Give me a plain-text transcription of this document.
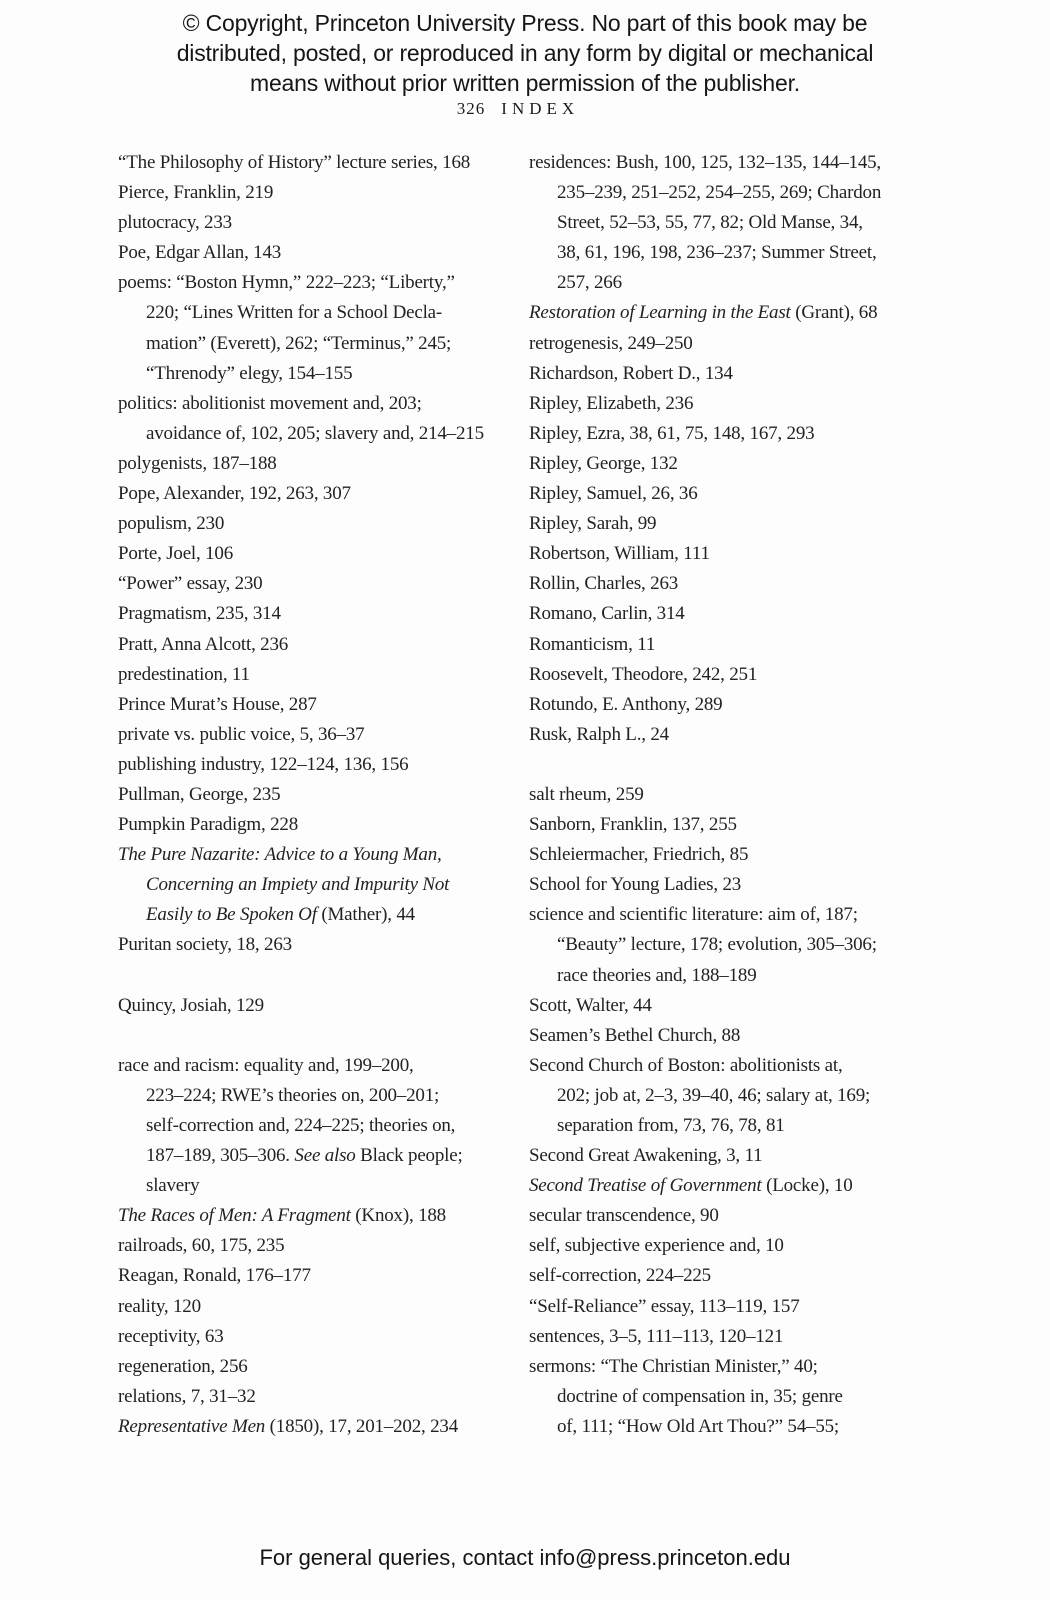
© Copyright, Princeton University Press. No part of this book may be
distributed, posted, or reproduced in any form by digital or mechanical
means without prior written permission of the publisher.
326 INDEX
“The Philosophy of History” lecture series, 168
Pierce, Franklin, 219
plutocracy, 233
Poe, Edgar Allan, 143
poems: “Boston Hymn,” 222–223; “Liberty,”
220; “Lines Written for a School Decla-
mation” (Everett), 262; “Terminus,” 245;
“Threnody” elegy, 154–155
politics: abolitionist movement and, 203;
avoidance of, 102, 205; slavery and, 214–215
polygenists, 187–188
Pope, Alexander, 192, 263, 307
populism, 230
Porte, Joel, 106
“Power” essay, 230
Pragmatism, 235, 314
Pratt, Anna Alcott, 236
predestination, 11
Prince Murat’s House, 287
private vs. public voice, 5, 36–37
publishing industry, 122–124, 136, 156
Pullman, George, 235
Pumpkin Paradigm, 228
The Pure Nazarite: Advice to a Young Man,
Concerning an Impiety and Impurity Not
Easily to Be Spoken Of (Mather), 44
Puritan society, 18, 263
Quincy, Josiah, 129
race and racism: equality and, 199–200,
223–224; RWE’s theories on, 200–201;
self-correction and, 224–225; theories on,
187–189, 305–306. See also Black people;
slavery
The Races of Men: A Fragment (Knox), 188
railroads, 60, 175, 235
Reagan, Ronald, 176–177
reality, 120
receptivity, 63
regeneration, 256
relations, 7, 31–32
Representative Men (1850), 17, 201–202, 234
residences: Bush, 100, 125, 132–135, 144–145,
235–239, 251–252, 254–255, 269; Chardon
Street, 52–53, 55, 77, 82; Old Manse, 34,
38, 61, 196, 198, 236–237; Summer Street,
257, 266
Restoration of Learning in the East (Grant), 68
retrogenesis, 249–250
Richardson, Robert D., 134
Ripley, Elizabeth, 236
Ripley, Ezra, 38, 61, 75, 148, 167, 293
Ripley, George, 132
Ripley, Samuel, 26, 36
Ripley, Sarah, 99
Robertson, William, 111
Rollin, Charles, 263
Romano, Carlin, 314
Romanticism, 11
Roosevelt, Theodore, 242, 251
Rotundo, E. Anthony, 289
Rusk, Ralph L., 24
salt rheum, 259
Sanborn, Franklin, 137, 255
Schleiermacher, Friedrich, 85
School for Young Ladies, 23
science and scientific literature: aim of, 187;
“Beauty” lecture, 178; evolution, 305–306;
race theories and, 188–189
Scott, Walter, 44
Seamen’s Bethel Church, 88
Second Church of Boston: abolitionists at,
202; job at, 2–3, 39–40, 46; salary at, 169;
separation from, 73, 76, 78, 81
Second Great Awakening, 3, 11
Second Treatise of Government (Locke), 10
secular transcendence, 90
self, subjective experience and, 10
self-correction, 224–225
“Self-Reliance” essay, 113–119, 157
sentences, 3–5, 111–113, 120–121
sermons: “The Christian Minister,” 40;
doctrine of compensation in, 35; genre
of, 111; “How Old Art Thou?” 54–55;
For general queries, contact info@press.princeton.edu
